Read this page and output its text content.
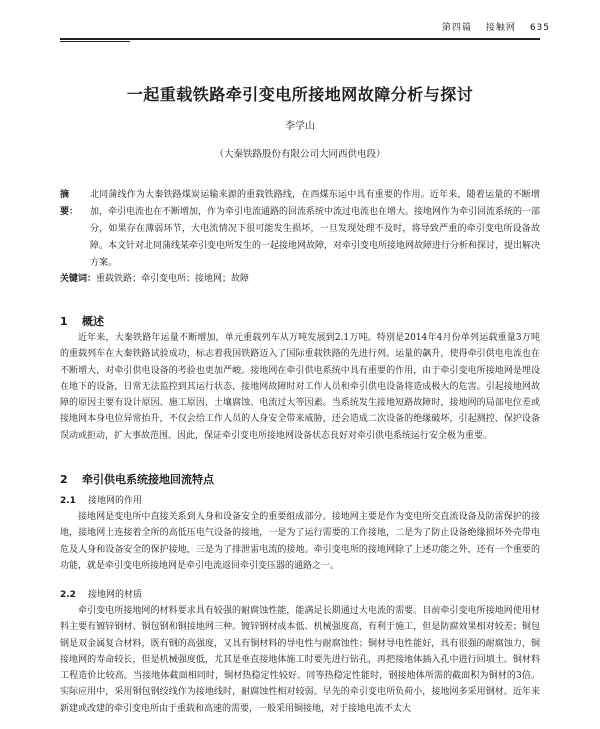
第四篇 接触网 635
一起重载铁路牵引变电所接地网故障分析与探讨
李学山
（大秦铁路股份有限公司大同西供电段）
摘　要：
北同蒲线作为大秦铁路煤炭运输来源的重载铁路线，在西煤东运中具有重要的作用。近年来，随着运量的不断增加，牵引电流也在不断增加，作为牵引电流通路的回流系统中流过电流也在增大。接地网作为牵引回流系统的一部分，如果存在薄弱环节，大电流情况下很可能发生损坏，一旦发现处理不及时，将导致严重的牵引变电所设备故障。本文针对北同蒲线某牵引变电所发生的一起接地网故障，对牵引变电所接地网故障进行分析和探讨，提出解决方案。
关键词：重载铁路；牵引变电所；接地网；故障
1 概述

近年来，大秦铁路年运量不断增加，单元重载列车从万吨发展到2.1万吨。特别是2014年4月份单列运载重量3万吨的重载列车在大秦铁路试验成功，标志着我国铁路迈入了国际重载铁路的先进行列。运量的飙升，使得牵引供电电流也在不断增大，对牵引供电设备的考验也更加严峻。接地网在牵引供电系统中具有重要的作用，由于牵引变电所接地网是埋设在地下的设备，日常无法监控到其运行状态，接地网故障时对工作人员和牵引供电设备将造成极大的危害。引起接地网故障的原因主要有设计原因、施工原因、土壤腐蚀、电流过大等因素。当系统发生接地短路故障时，接地网的局部电位差或接地网本身电位异常抬升，不仅会给工作人员的人身安全带来威胁，还会造成二次设备的绝缘破坏，引起测控、保护设备误动或拒动，扩大事故范围。因此，保证牵引变电所接地网设备状态良好对牵引供电系统运行安全极为重要。

2 牵引供电系统接地回流特点
2.1 接地网的作用

接地网是变电所中直接关系到人身和设备安全的重要组成部分。接地网主要是作为变电所交直流设备及防雷保护的接地，接地网上连接着全所的高低压电气设备的接地，一是为了运行需要的工作接地，二是为了防止设备绝缘损坏外壳带电危及人身和设备安全的保护接地，三是为了排泄雷电流的接地。牵引变电所的接地网除了上述功能之外，还有一个重要的功能，就是牵引变电所接地网是牵引电流返回牵引变压器的通路之一。

2.2 接地网的材质

牵引变电所接地网的材料要求具有较强的耐腐蚀性能，能满足长期通过大电流的需要。目前牵引变电所接地网使用材料主要有镀锌钢材、铜包钢和铜接地网三种。镀锌钢材成本低、机械强度高，有利于施工，但是防腐效果相对较差；铜包钢是双金属复合材料，既有钢的高强度，又具有铜材料的导电性与耐腐蚀性；铜材导电性能好，具有很强的耐腐蚀力，铜接地网的寿命较长，但是机械强度低，尤其是垂直接地体施工时要先进行钻孔，再把接地体插入孔中进行回填土。铜材料工程造价比较高。当接地体截面相同时，铜材热稳定性较好。同等热稳定性能时，钢接地体所需的截面积为铜材的3倍。实际应用中，采用铜包钢绞线作为接地线时，耐腐蚀性相对较弱。早先的牵引变电所负荷小，接地网多采用钢材。近年来新建或改建的牵引变电所由于重载和高速的需要，一般采用铜接地，对于接地电流不太大
